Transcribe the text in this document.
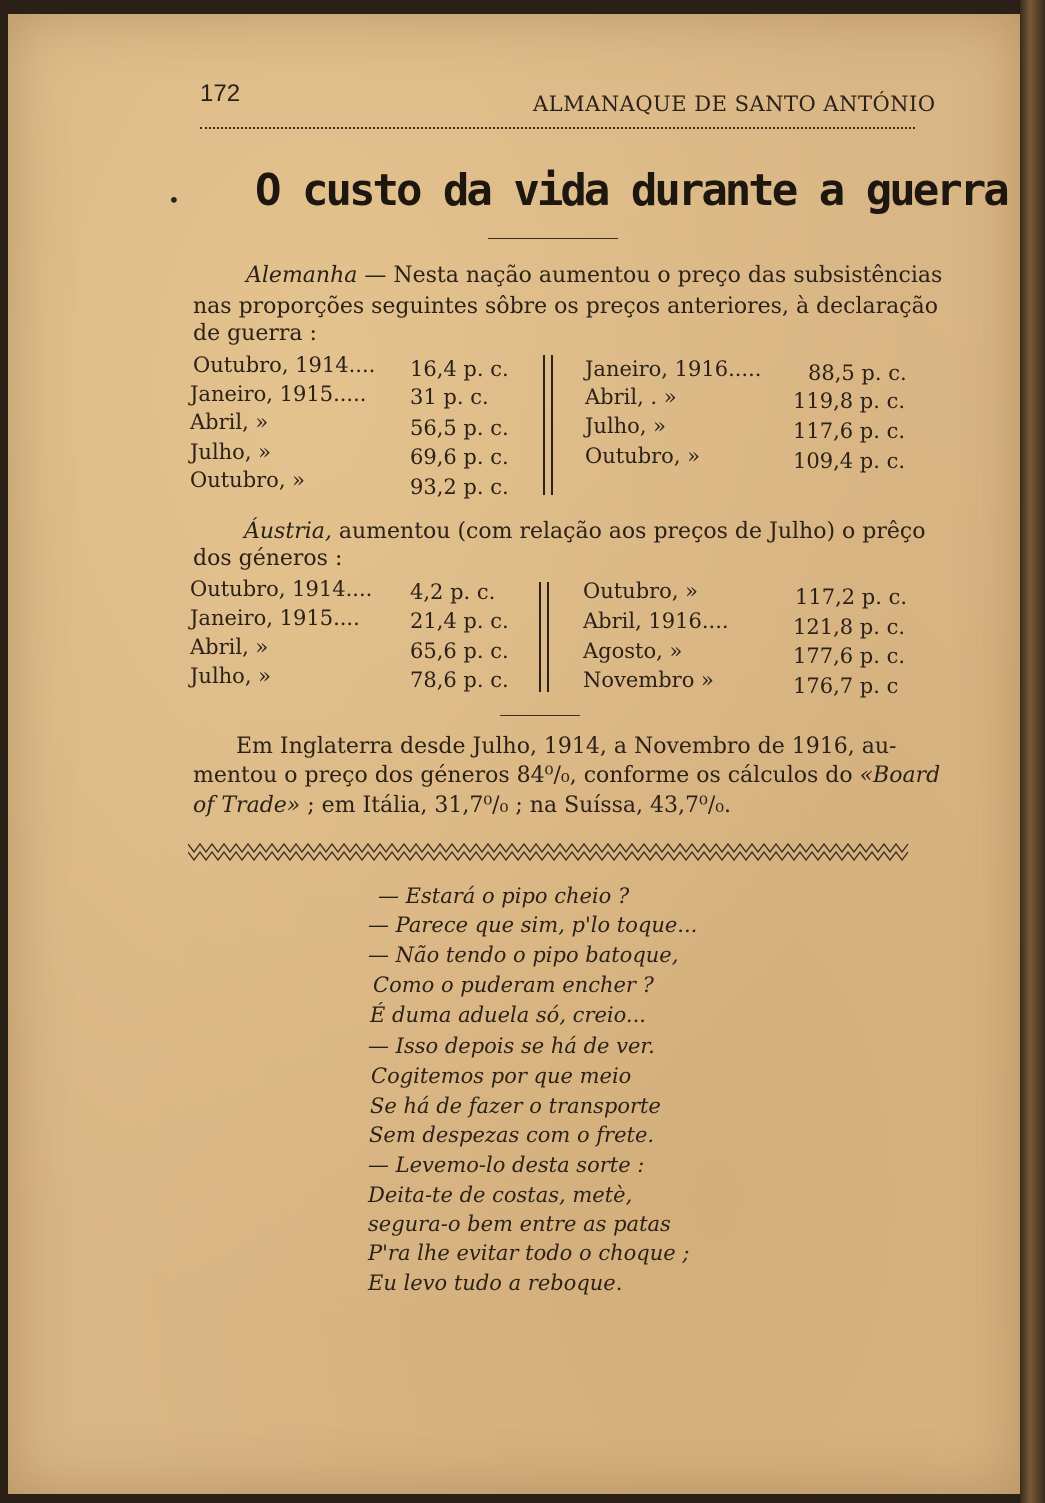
172	ALMANAQUE DE SANTO ANTÓNIO
• O custo da vida durante a guerra
Alemanha — Nesta nação aumentou o preço das subsistências
nas proporções seguintes sôbre os preços anteriores, à declaração
de guerra :
Outubro, 1914.... 16,4 p. c.
Janeiro, 1915..... 31 p. c.
Abril, »	56,5 p. c.
Julho, »	69,6 p. c.
Outubro, »	93,2 p. c.
Janeiro, 1916..... 88,5 p. c.
Abril, . »	119,8 p. c.
Julho, »	117,6 p. c.
Outubro, »	109,4 p. c.
Áustria, aumentou (com relação aos preços de Julho) o prêço
dos géneros :
Outubro, 1914.... 4,2 p. c.
Janeiro, 1915.... 21,4 p. c.
Abril, »	65,6 p. c.
Julho, »	78,6 p. c.
Outubro, »	117,2 p. c.
Abril, 1916....	121,8 p. c.
Agosto, »	177,6 p. c.
Novembro »	176,7 p. c
Em Inglaterra desde Julho, 1914, a Novembro de 1916, au-
mentou o preço dos géneros 84⁰/₀, conforme os cálculos do «Board
of Trade» ; em Itália, 31,7⁰/₀ ; na Suíssa, 43,7⁰/₀.
— Estará o pipo cheio ?
— Parece que sim, p'lo toque...
— Não tendo o pipo batoque,
Como o puderam encher ?
É duma aduela só, creio...
— Isso depois se há de ver.
Cogitemos por que meio
Se há de fazer o transporte
Sem despezas com o frete.
— Levemo-lo desta sorte :
Deita-te de costas, metè,
segura-o bem entre as patas
P'ra lhe evitar todo o choque ;
Eu levo tudo a reboque.
